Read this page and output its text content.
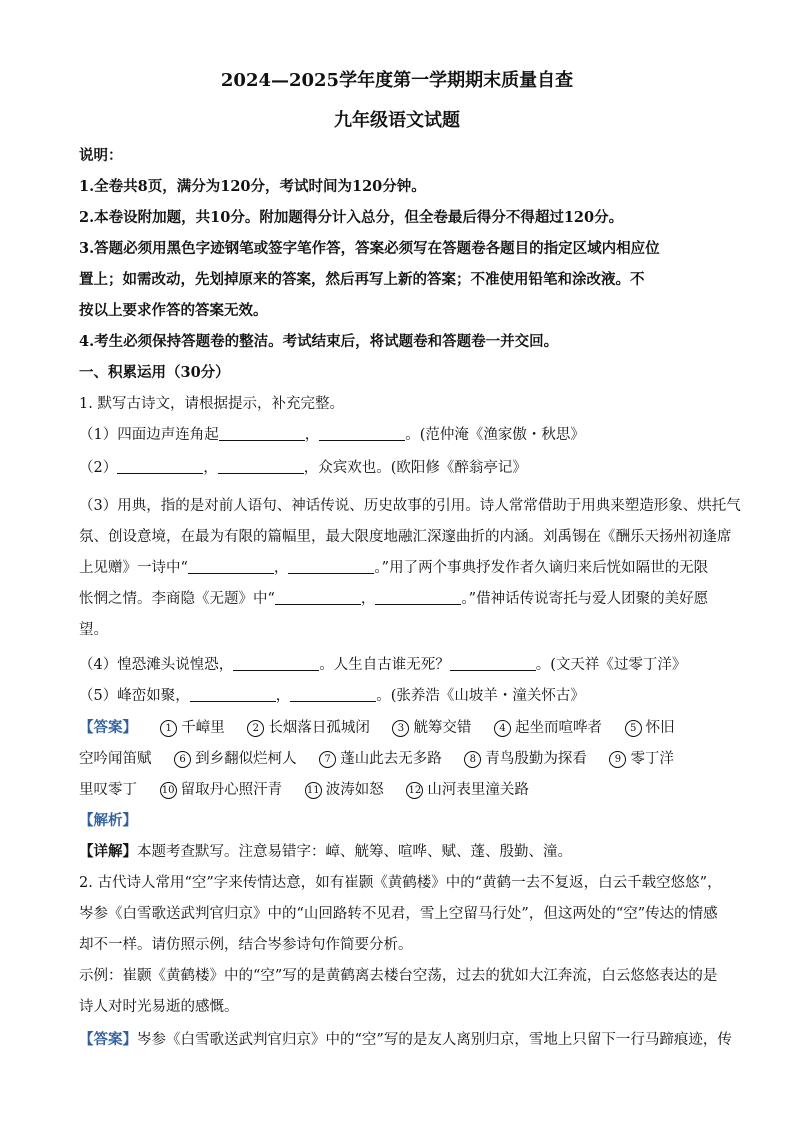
2024—2025学年度第一学期期末质量自查
九年级语文试题
说明：
1.全卷共8页，满分为120分，考试时间为120分钟。
2.本卷设附加题，共10分。附加题得分计入总分，但全卷最后得分不得超过120分。
3.答题必须用黑色字迹钢笔或签字笔作答，答案必须写在答题卷各题目的指定区域内相应位
置上；如需改动，先划掉原来的答案，然后再写上新的答案；不准使用铅笔和涂改液。不
按以上要求作答的答案无效。
4.考生必须保持答题卷的整洁。考试结束后，将试题卷和答题卷一并交回。
一、积累运用（30分）
1. 默写古诗文，请根据提示，补充完整。
（1）四面边声连角起	，	。(范仲淹《渔家傲・秋思》
（2）	，	，众宾欢也。(欧阳修《醉翁亭记》
（3）用典，指的是对前人语句、神话传说、历史故事的引用。诗人常常借助于用典来塑造形象、烘托气
氛、创设意境，在最为有限的篇幅里，最大限度地融汇深邃曲折的内涵。刘禹锡在《酬乐天扬州初逢席
上见赠》一诗中“	，	。”用了两个事典抒发作者久谪归来后恍如隔世的无限
怅惘之情。李商隐《无题》中“	，	。”借神话传说寄托与爱人团聚的美好愿
望。
（4）惶恐滩头说惶恐，	。人生自古谁无死？	。(文天祥《过零丁洋》
（5）峰峦如聚，	，	。(张养浩《山坡羊・潼关怀古》
【答案】	1 千嶂里	2 长烟落日孤城闭	3 觥筹交错	4 起坐而喧哗者	5 怀旧
空吟闻笛赋	6 到乡翻似烂柯人	7 蓬山此去无多路	8 青鸟殷勤为探看	9 零丁洋
里叹零丁 10 留取丹心照汗青 11 波涛如怒 12 山河表里潼关路
【解析】
【详解】本题考查默写。注意易错字：嶂、觥筹、喧哗、赋、蓬、殷勤、潼。
2. 古代诗人常用“空”字来传情达意，如有崔颢《黄鹤楼》中的“黄鹤一去不复返，白云千载空悠悠”，
岑参《白雪歌送武判官归京》中的“山回路转不见君，雪上空留马行处”，但这两处的“空”传达的情感
却不一样。请仿照示例，结合岑参诗句作简要分析。
示例：崔颢《黄鹤楼》中的“空”写的是黄鹤离去楼台空荡，过去的犹如大江奔流，白云悠悠表达的是
诗人对时光易逝的感慨。
【答案】岑参《白雪歌送武判官归京》中的“空”写的是友人离别归京，雪地上只留下一行马蹄痕迹，传
